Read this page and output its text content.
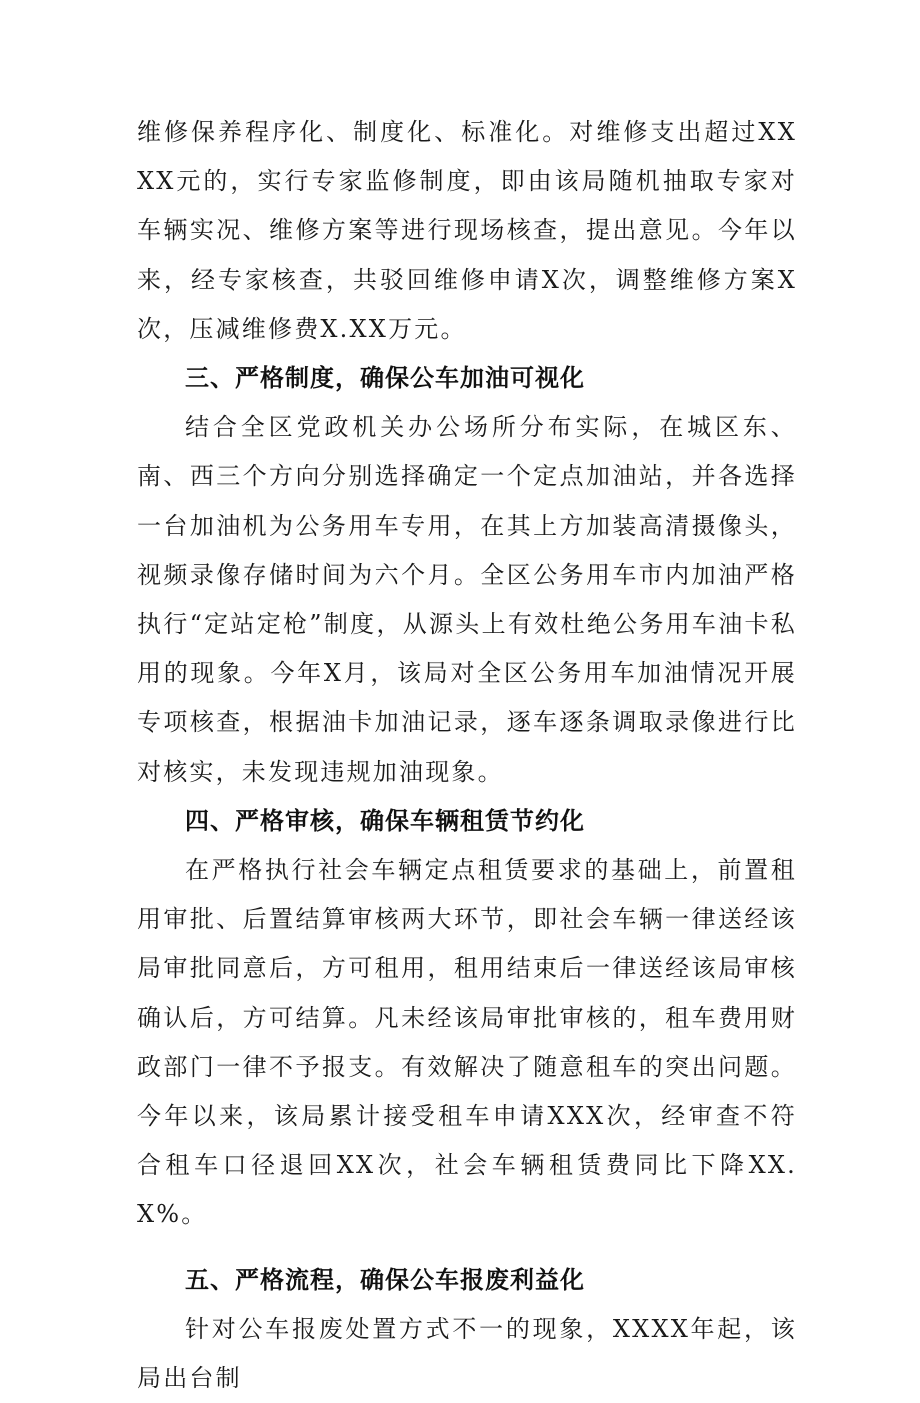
维修保养程序化、制度化、标准化。对维修支出超过XXXX元的，实行专家监修制度，即由该局随机抽取专家对车辆实况、维修方案等进行现场核查，提出意见。今年以来，经专家核查，共驳回维修申请X次，调整维修方案X次，压减维修费X.XX万元。

三、严格制度，确保公车加油可视化

结合全区党政机关办公场所分布实际，在城区东、南、西三个方向分别选择确定一个定点加油站，并各选择一台加油机为公务用车专用，在其上方加装高清摄像头，视频录像存储时间为六个月。全区公务用车市内加油严格执行“定站定枪”制度，从源头上有效杜绝公务用车油卡私用的现象。今年X月，该局对全区公务用车加油情况开展专项核查，根据油卡加油记录，逐车逐条调取录像进行比对核实，未发现违规加油现象。

四、严格审核，确保车辆租赁节约化

在严格执行社会车辆定点租赁要求的基础上，前置租用审批、后置结算审核两大环节，即社会车辆一律送经该局审批同意后，方可租用，租用结束后一律送经该局审核确认后，方可结算。凡未经该局审批审核的，租车费用财政部门一律不予报支。有效解决了随意租车的突出问题。今年以来，该局累计接受租车申请XXX次，经审查不符合租车口径退回XX次，社会车辆租赁费同比下降XX.X%。

五、严格流程，确保公车报废利益化

针对公车报废处置方式不一的现象，XXXX年起，该局出台制
